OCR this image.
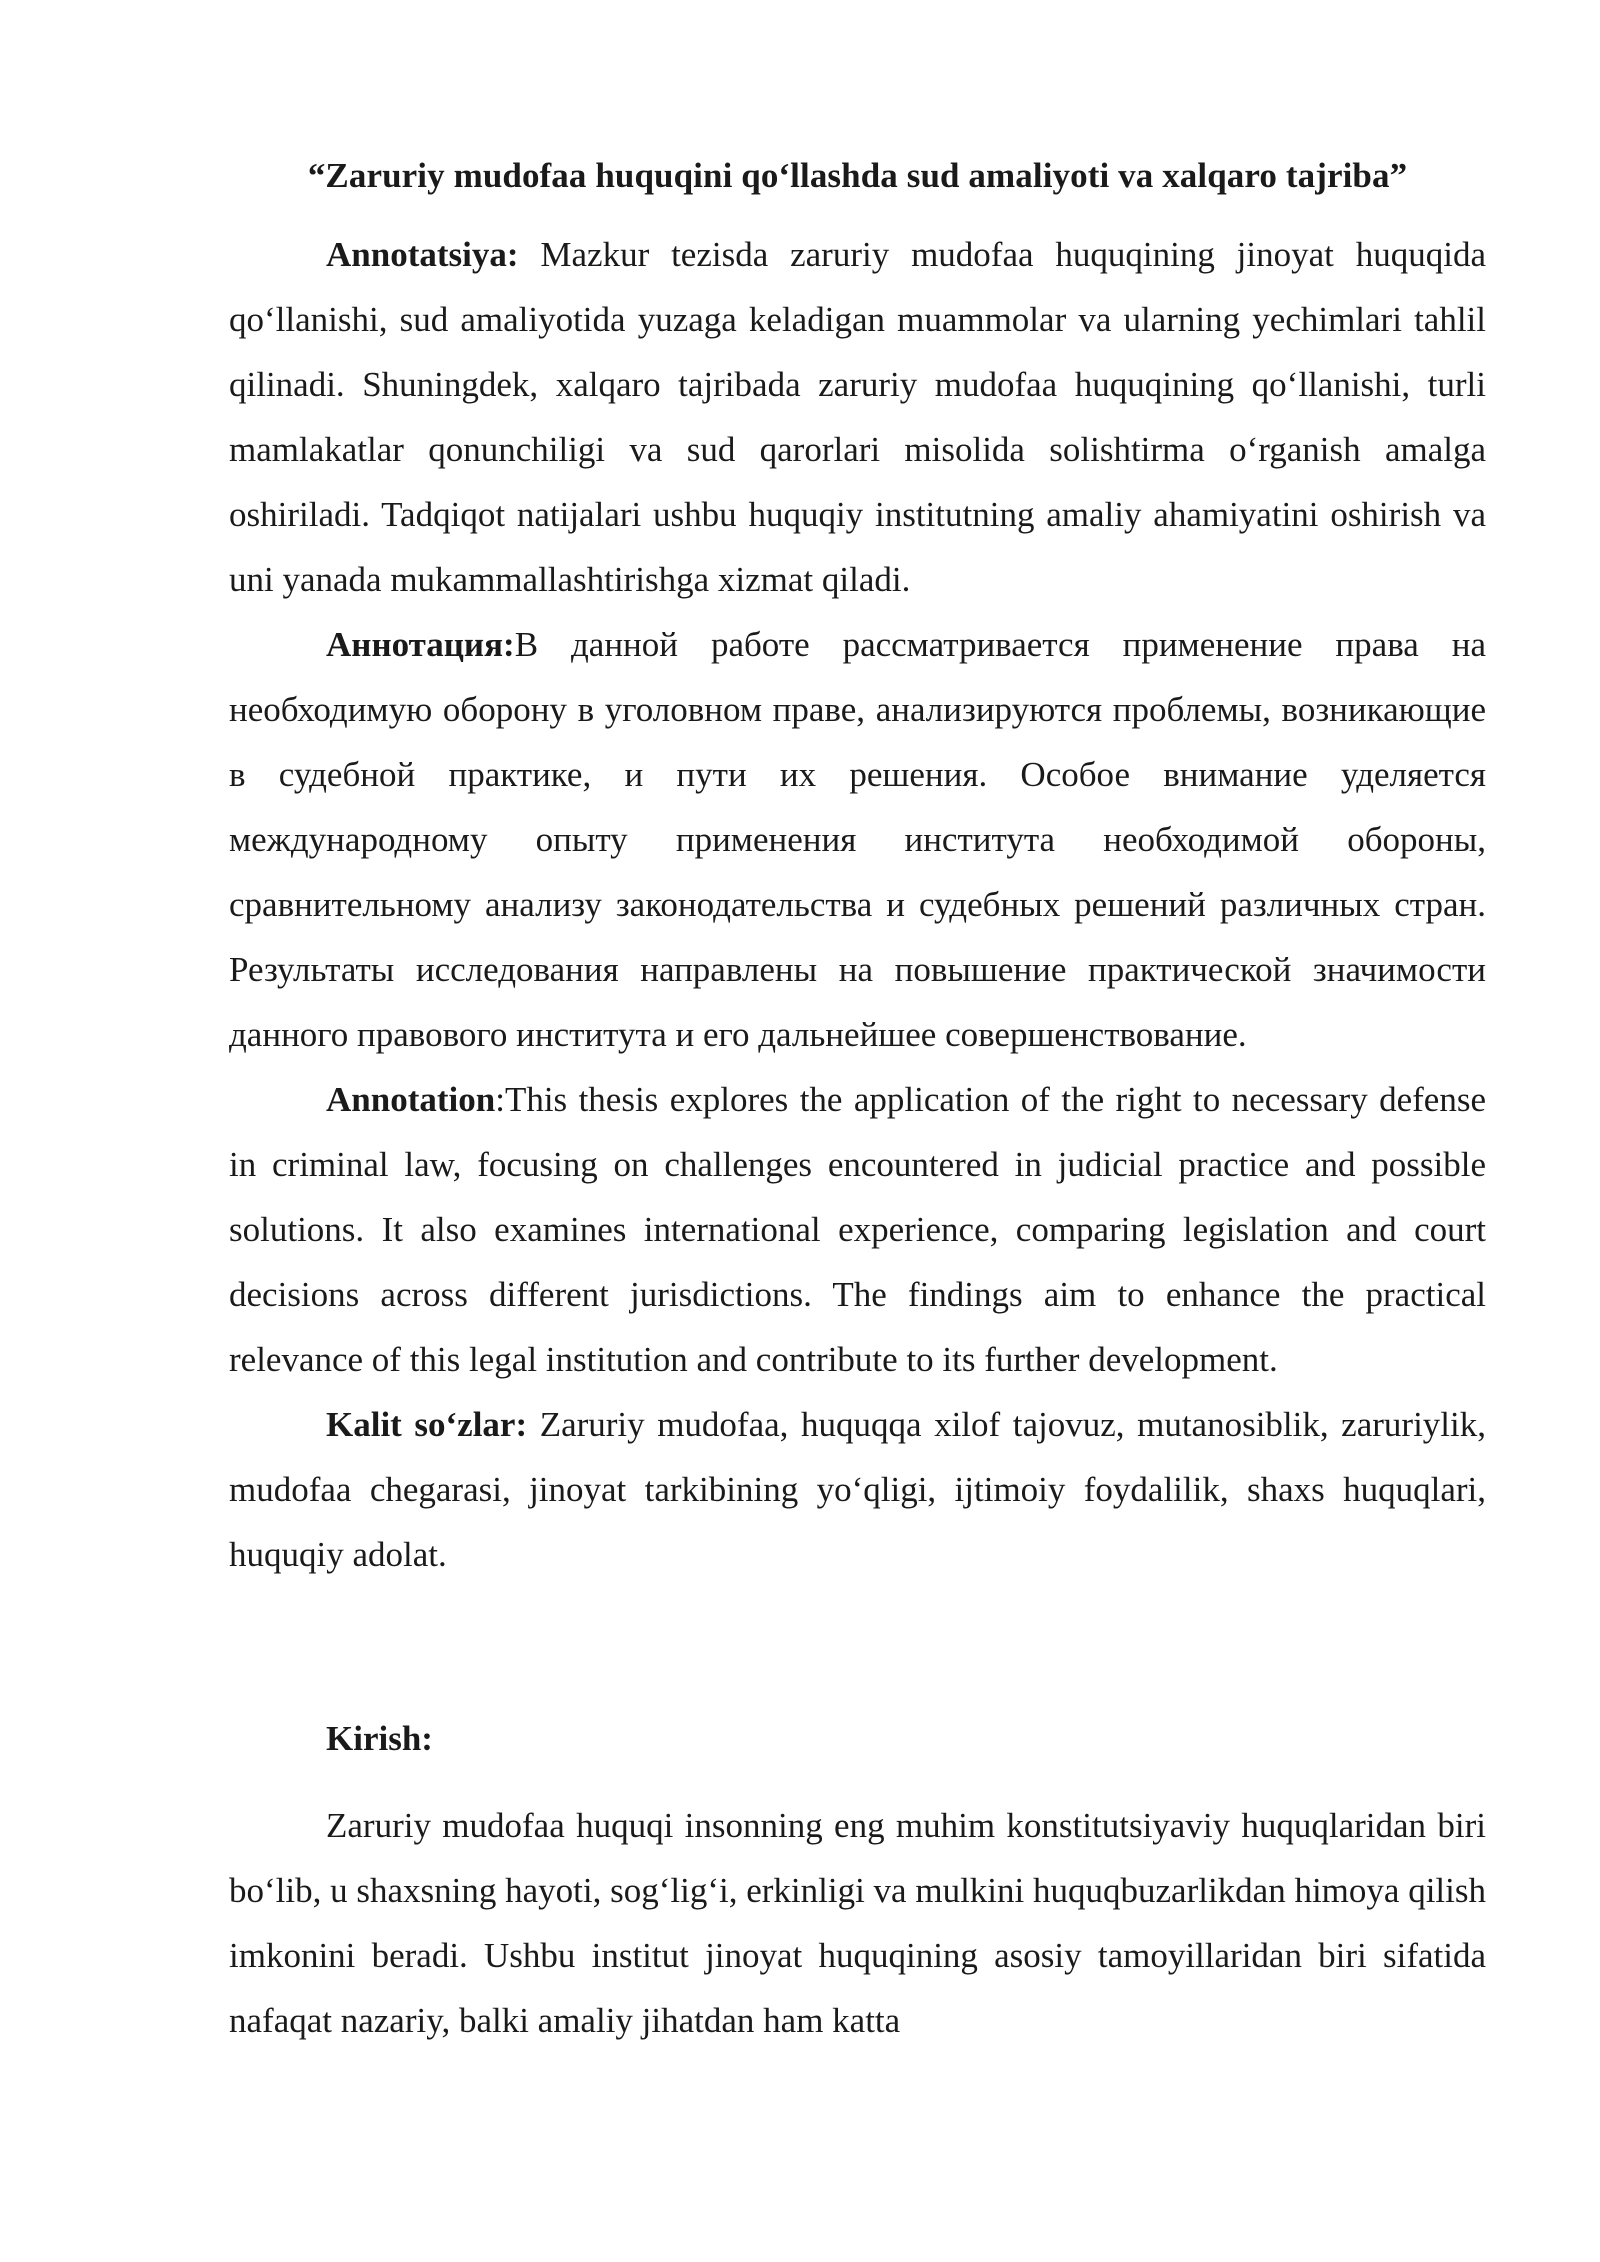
“Zaruriy mudofaa huquqini qo‘llashda sud amaliyoti va xalqaro tajriba”

Annotatsiya: Mazkur tezisda zaruriy mudofaa huquqining jinoyat huquqida qo‘llanishi, sud amaliyotida yuzaga keladigan muammolar va ularning yechimlari tahlil qilinadi. Shuningdek, xalqaro tajribada zaruriy mudofaa huquqining qo‘llanishi, turli mamlakatlar qonunchiligi va sud qarorlari misolida solishtirma o‘rganish amalga oshiriladi. Tadqiqot natijalari ushbu huquqiy institutning amaliy ahamiyatini oshirish va uni yanada mukammallashtirishga xizmat qiladi.

Аннотация:В данной работе рассматривается применение права на необходимую оборону в уголовном праве, анализируются проблемы, возникающие в судебной практике, и пути их решения. Особое внимание уделяется международному опыту применения института необходимой обороны, сравнительному анализу законодательства и судебных решений различных стран. Результаты исследования направлены на повышение практической значимости данного правового института и его дальнейшее совершенствование.

Annotation:This thesis explores the application of the right to necessary defense in criminal law, focusing on challenges encountered in judicial practice and possible solutions. It also examines international experience, comparing legislation and court decisions across different jurisdictions. The findings aim to enhance the practical relevance of this legal institution and contribute to its further development.

Kalit so‘zlar: Zaruriy mudofaa, huquqqa xilof tajovuz, mutanosiblik, zaruriylik, mudofaa chegarasi, jinoyat tarkibining yo‘qligi, ijtimoiy foydalilik, shaxs huquqlari, huquqiy adolat.

Kirish:

Zaruriy mudofaa huquqi insonning eng muhim konstitutsiyaviy huquqlaridan biri bo‘lib, u shaxsning hayoti, sog‘lig‘i, erkinligi va mulkini huquqbuzarlikdan himoya qilish imkonini beradi. Ushbu institut jinoyat huquqining asosiy tamoyillaridan biri sifatida nafaqat nazariy, balki amaliy jihatdan ham katta
